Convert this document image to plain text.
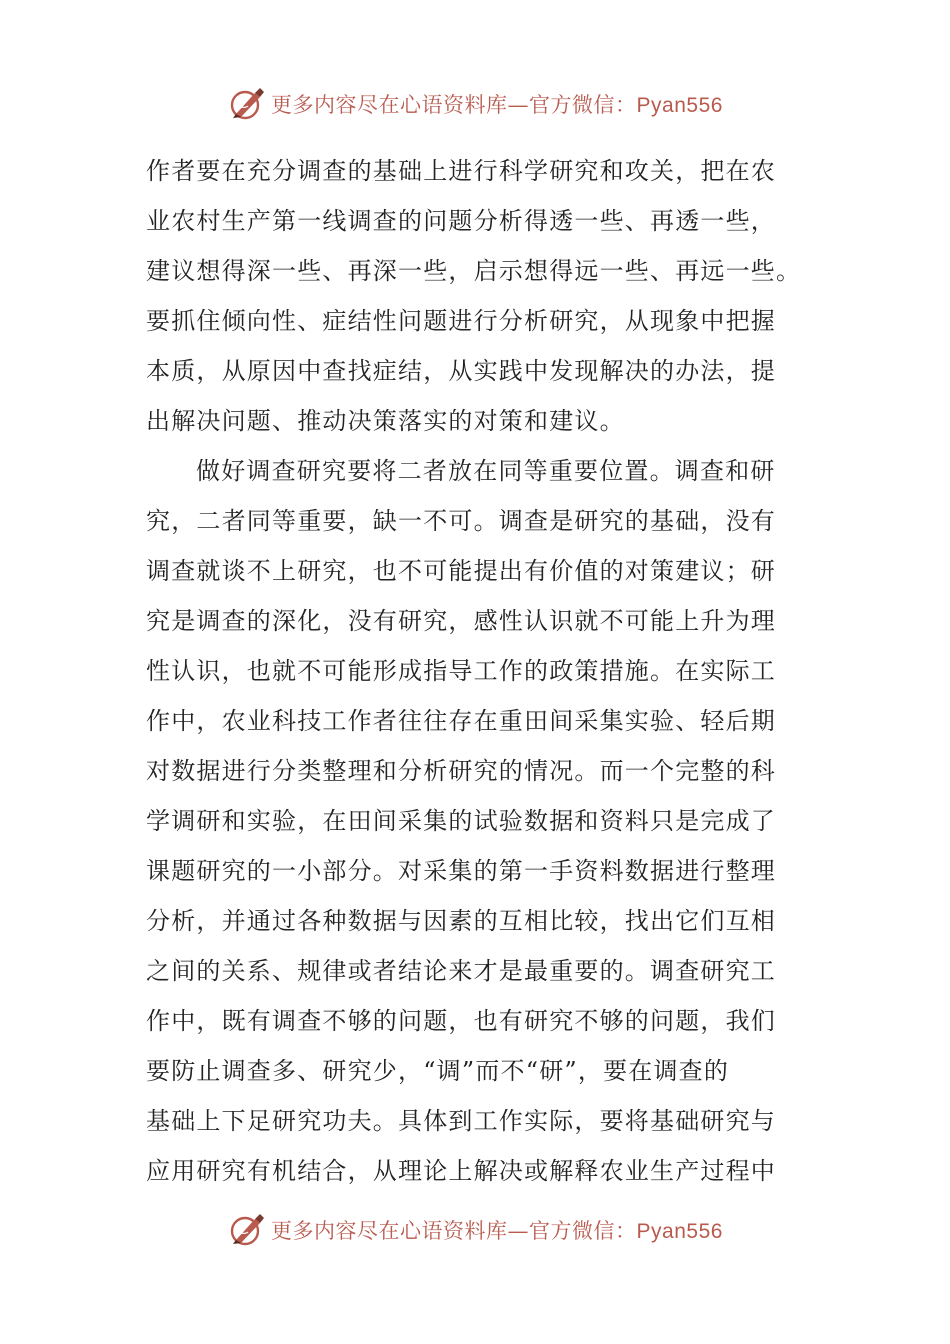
更多内容尽在心语资料库—官方微信：Pyan556
作者要在充分调查的基础上进行科学研究和攻关，把在农
业农村生产第一线调查的问题分析得透一些、再透一些，
建议想得深一些、再深一些，启示想得远一些、再远一些。
要抓住倾向性、症结性问题进行分析研究，从现象中把握
本质，从原因中查找症结，从实践中发现解决的办法，提
出解决问题、推动决策落实的对策和建议。
做好调查研究要将二者放在同等重要位置。调查和研
究，二者同等重要，缺一不可。调查是研究的基础，没有
调查就谈不上研究，也不可能提出有价值的对策建议；研
究是调查的深化，没有研究，感性认识就不可能上升为理
性认识，也就不可能形成指导工作的政策措施。在实际工
作中，农业科技工作者往往存在重田间采集实验、轻后期
对数据进行分类整理和分析研究的情况。而一个完整的科
学调研和实验，在田间采集的试验数据和资料只是完成了
课题研究的一小部分。对采集的第一手资料数据进行整理
分析，并通过各种数据与因素的互相比较，找出它们互相
之间的关系、规律或者结论来才是最重要的。调查研究工
作中，既有调查不够的问题，也有研究不够的问题，我们
要防止调查多、研究少，“调”而不“研”，要在调查的
基础上下足研究功夫。具体到工作实际，要将基础研究与
应用研究有机结合，从理论上解决或解释农业生产过程中
更多内容尽在心语资料库—官方微信：Pyan556
